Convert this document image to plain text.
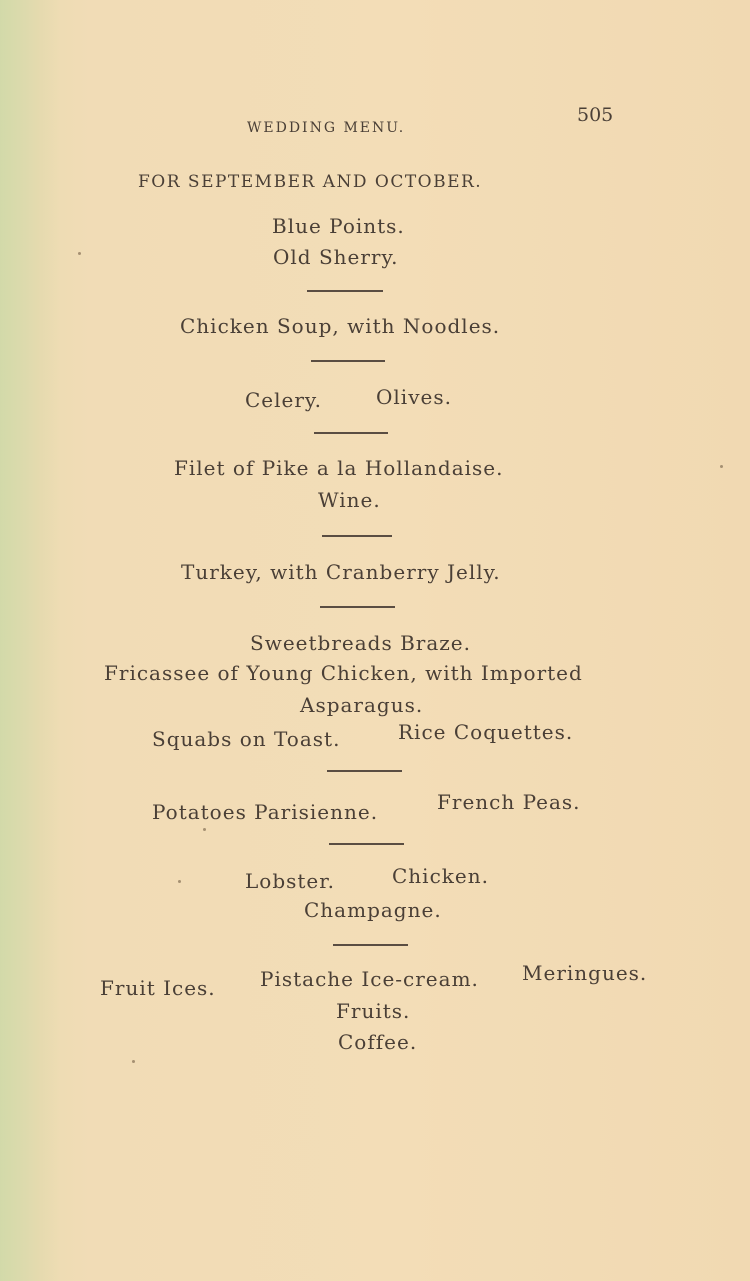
WEDDING MENU.
505
FOR SEPTEMBER AND OCTOBER.
Blue Points.
Old Sherry.
Chicken Soup, with Noodles.
Celery.	Olives.
Filet of Pike a la Hollandaise.
Wine.
Turkey, with Cranberry Jelly.
Sweetbreads Braze.
Fricassee of Young Chicken, with Imported
Asparagus.
Squabs on Toast.	Rice Coquettes.
Potatoes Parisienne.	French Peas.
Lobster.	Chicken.
Champagne.
Fruit Ices. Pistache Ice-cream. Meringues.
Fruits.
Coffee.
